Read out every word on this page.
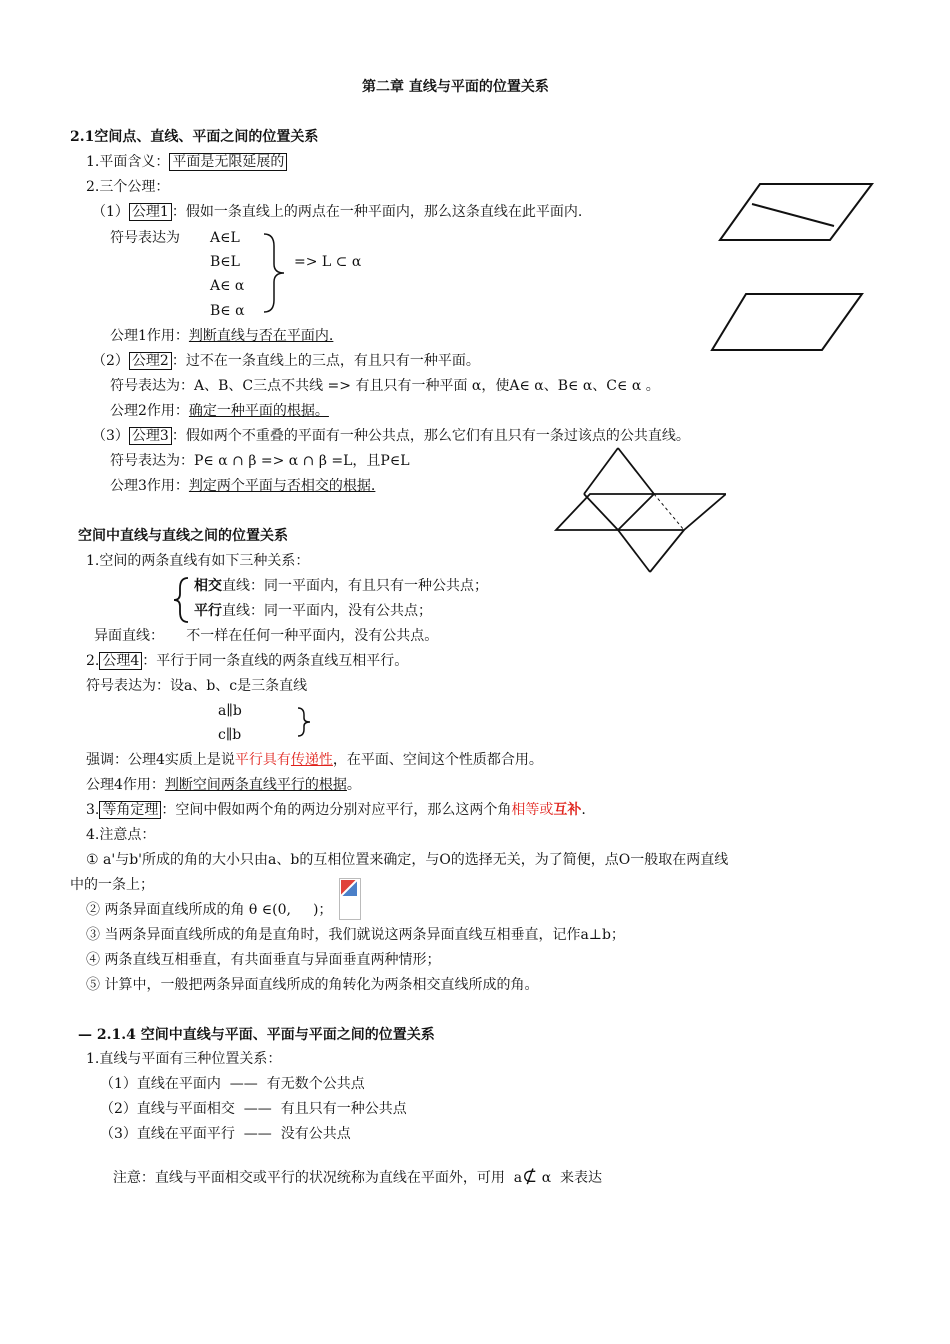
第二章 直线与平面的位置关系
2.1空间点、直线、平面之间的位置关系
1.平面含义： 平面是无限延展的
2.三个公理：
（1） 公理1 ：假如一条直线上的两点在一种平面内，那么这条直线在此平面内.
符号表达为 A∈L
B∈L
A∈ α
B∈ α
=> L ⊂ α
公理1作用：判断直线与否在平面内.
（2） 公理2 ：过不在一条直线上的三点，有且只有一种平面。
符号表达为：A、B、C三点不共线 => 有且只有一种平面 α，使A∈ α、B∈ α、C∈ α 。
公理2作用：确定一种平面的根据。
（3） 公理3 ：假如两个不重叠的平面有一种公共点，那么它们有且只有一条过该点的公共直线。
符号表达为：P∈ α ∩ β => α ∩ β =L，且P∈L
公理3作用：判定两个平面与否相交的根据.
空间中直线与直线之间的位置关系
1.空间的两条直线有如下三种关系：
相交直线：同一平面内，有且只有一种公共点；
平行直线：同一平面内，没有公共点；
异面直线：     不一样在任何一种平面内，没有公共点。
2. 公理4 ：平行于同一条直线的两条直线互相平行。
符号表达为：设a、b、c是三条直线
a∥b
c∥b
强调：公理4实质上是说平行具有传递性，在平面、空间这个性质都合用。
公理4作用：判断空间两条直线平行的根据。
3. 等角定理 ：空间中假如两个角的两边分别对应平行，那么这两个角相等或互补.
4.注意点：
① a'与b'所成的角的大小只由a、b的互相位置来确定，与O的选择无关，为了简便，点O一般取在两直线
中的一条上；
② 两条异面直线所成的角 θ ∈(0, )；
③ 当两条异面直线所成的角是直角时，我们就说这两条异面直线互相垂直，记作a⊥b；
④ 两条直线互相垂直，有共面垂直与异面垂直两种情形；
⑤ 计算中，一般把两条异面直线所成的角转化为两条相交直线所成的角。
— 2.1.4 空间中直线与平面、平面与平面之间的位置关系
1.直线与平面有三种位置关系：
（1）直线在平面内  ——  有无数个公共点
（2）直线与平面相交  ——  有且只有一种公共点
（3）直线在平面平行  ——  没有公共点

注意：直线与平面相交或平行的状况统称为直线在平面外，可用  a⊄ α  来表达
